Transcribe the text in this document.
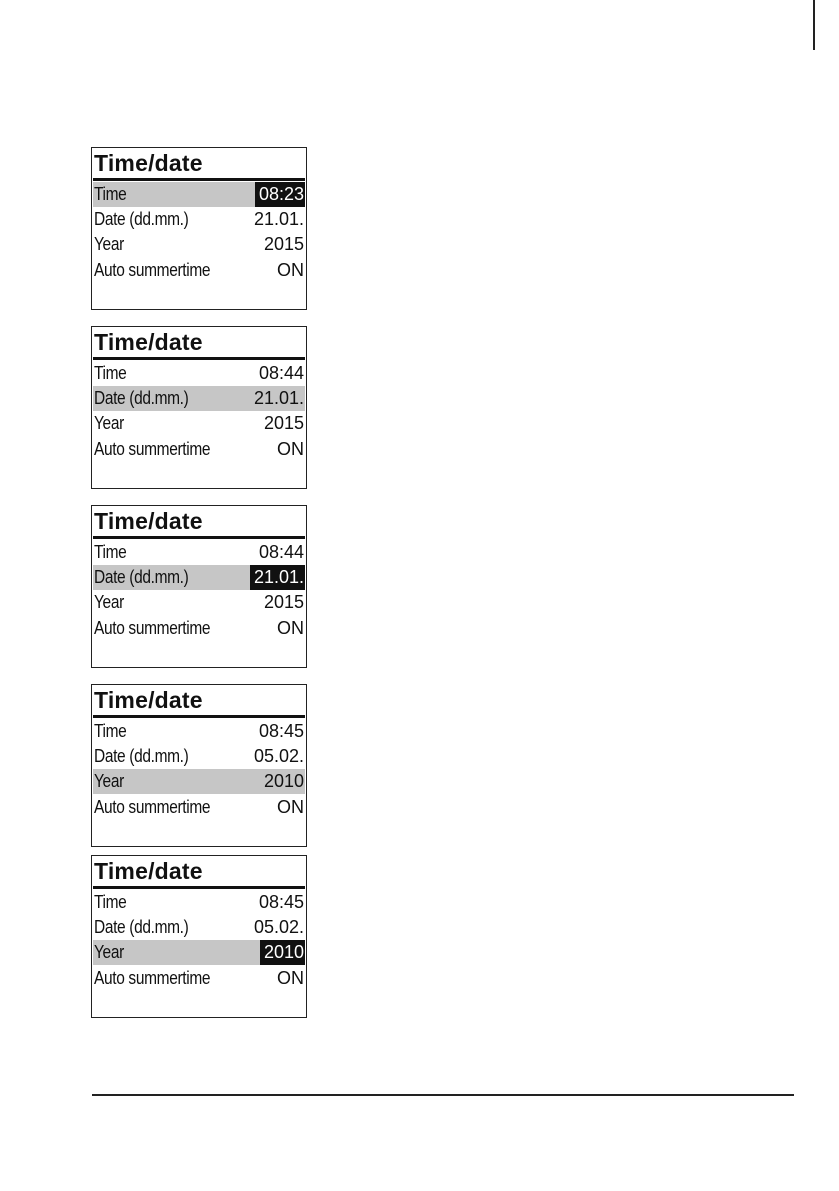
Time/date
Time	08:23
Date (dd.mm.)	21.01.
Year	2015
Auto summertime	ON
Time/date
Time	08:44
Date (dd.mm.)	21.01.
Year	2015
Auto summertime	ON
Time/date
Time	08:44
Date (dd.mm.)	21.01.
Year	2015
Auto summertime	ON
Time/date
Time	08:45
Date (dd.mm.)	05.02.
Year	2010
Auto summertime	ON
Time/date
Time	08:45
Date (dd.mm.)	05.02.
Year	2010
Auto summertime	ON
